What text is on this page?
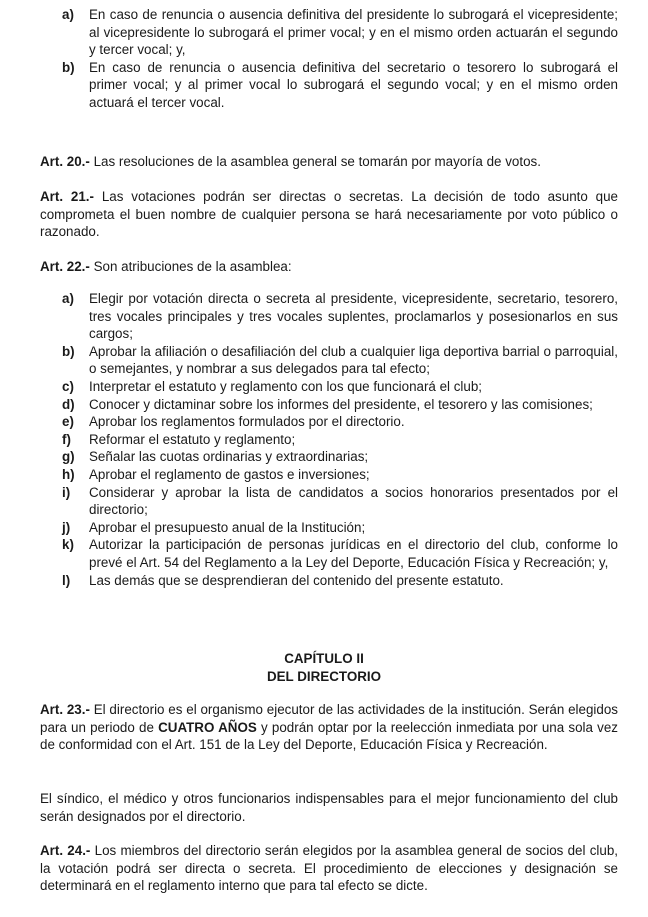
a) En caso de renuncia o ausencia definitiva del presidente lo subrogará el vicepresidente; al vicepresidente lo subrogará el primer vocal; y en el mismo orden actuarán el segundo y tercer vocal; y,
b) En caso de renuncia o ausencia definitiva del secretario o tesorero lo subrogará el primer vocal; y al primer vocal lo subrogará el segundo vocal; y en el mismo orden actuará el tercer vocal.

Art. 20.- Las resoluciones de la asamblea general se tomarán por mayoría de votos.

Art. 21.- Las votaciones podrán ser directas o secretas. La decisión de todo asunto que comprometa el buen nombre de cualquier persona se hará necesariamente por voto público o razonado.

Art. 22.- Son atribuciones de la asamblea:

a) Elegir por votación directa o secreta al presidente, vicepresidente, secretario, tesorero, tres vocales principales y tres vocales suplentes, proclamarlos y posesionarlos en sus cargos;
b) Aprobar la afiliación o desafiliación del club a cualquier liga deportiva barrial o parroquial, o semejantes, y nombrar a sus delegados para tal efecto;
c) Interpretar el estatuto y reglamento con los que funcionará el club;
d) Conocer y dictaminar sobre los informes del presidente, el tesorero y las comisiones;
e) Aprobar los reglamentos formulados por el directorio.
f) Reformar el estatuto y reglamento;
g) Señalar las cuotas ordinarias y extraordinarias;
h) Aprobar el reglamento de gastos e inversiones;
i) Considerar y aprobar la lista de candidatos a socios honorarios presentados por el directorio;
j) Aprobar el presupuesto anual de la Institución;
k) Autorizar la participación de personas jurídicas en el directorio del club, conforme lo prevé el Art. 54 del Reglamento a la Ley del Deporte, Educación Física y Recreación; y,
l) Las demás que se desprendieran del contenido del presente estatuto.

CAPÍTULO II

DEL DIRECTORIO

Art. 23.- El directorio es el organismo ejecutor de las actividades de la institución. Serán elegidos para un periodo de CUATRO AÑOS y podrán optar por la reelección inmediata por una sola vez de conformidad con el Art. 151 de la Ley del Deporte, Educación Física y Recreación.

El síndico, el médico y otros funcionarios indispensables para el mejor funcionamiento del club serán designados por el directorio.

Art. 24.- Los miembros del directorio serán elegidos por la asamblea general de socios del club, la votación podrá ser directa o secreta. El procedimiento de elecciones y designación se determinará en el reglamento interno que para tal efecto se dicte.
